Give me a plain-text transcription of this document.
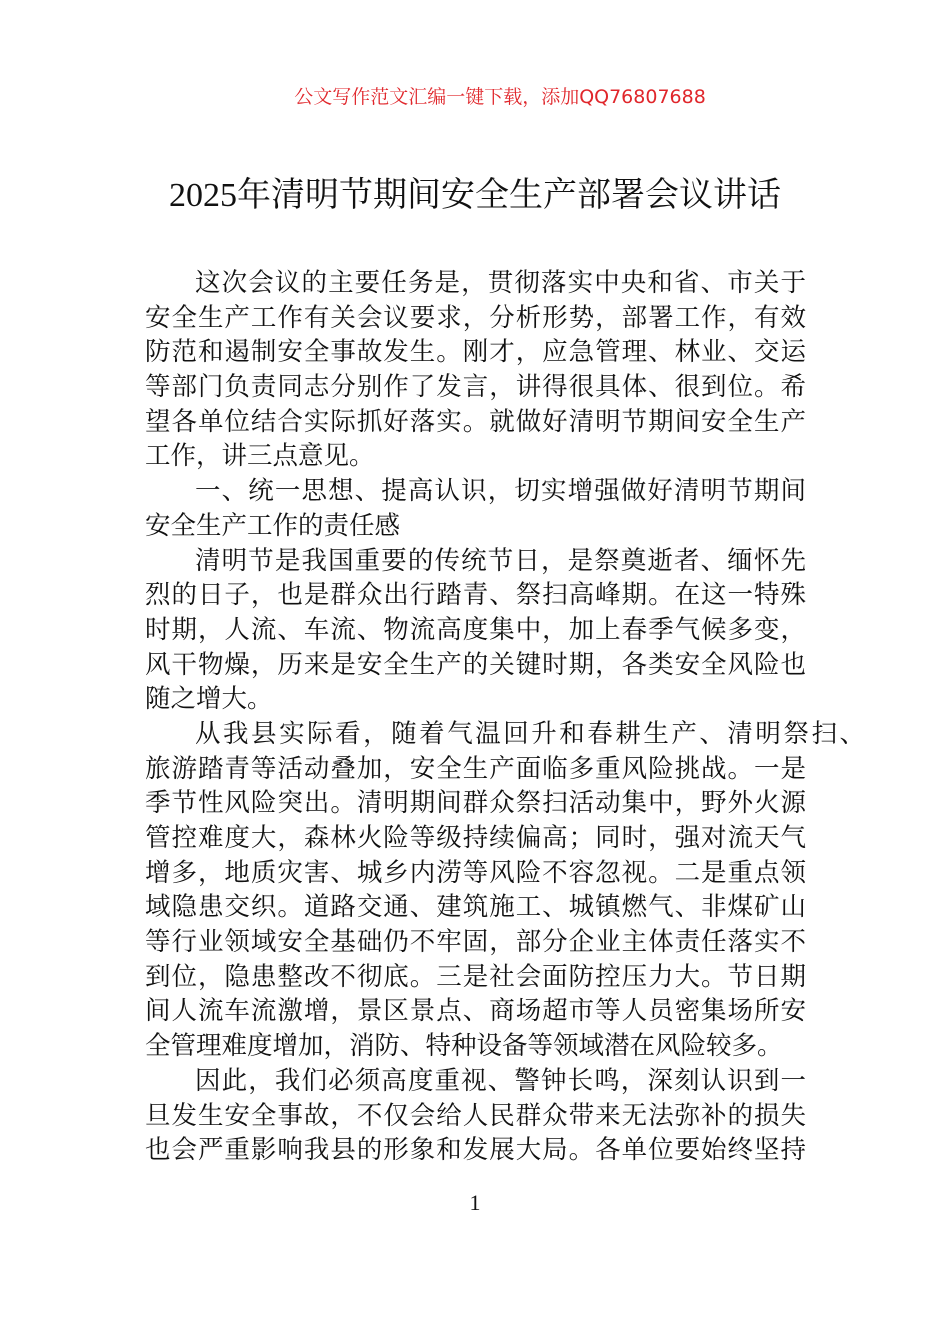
公文写作范文汇编一键下载，添加QQ76807688
2025年清明节期间安全生产部署会议讲话
这次会议的主要任务是，贯彻落实中央和省、市关于
安全生产工作有关会议要求，分析形势，部署工作，有效
防范和遏制安全事故发生。刚才，应急管理、林业、交运
等部门负责同志分别作了发言，讲得很具体、很到位。希
望各单位结合实际抓好落实。就做好清明节期间安全生产
工作，讲三点意见。
一、统一思想、提高认识，切实增强做好清明节期间
安全生产工作的责任感
清明节是我国重要的传统节日，是祭奠逝者、缅怀先
烈的日子，也是群众出行踏青、祭扫高峰期。在这一特殊
时期，人流、车流、物流高度集中，加上春季气候多变，
风干物燥，历来是安全生产的关键时期，各类安全风险也
随之增大。
从我县实际看，随着气温回升和春耕生产、清明祭扫、
旅游踏青等活动叠加，安全生产面临多重风险挑战。一是
季节性风险突出。清明期间群众祭扫活动集中，野外火源
管控难度大，森林火险等级持续偏高；同时，强对流天气
增多，地质灾害、城乡内涝等风险不容忽视。二是重点领
域隐患交织。道路交通、建筑施工、城镇燃气、非煤矿山
等行业领域安全基础仍不牢固，部分企业主体责任落实不
到位，隐患整改不彻底。三是社会面防控压力大。节日期
间人流车流激增，景区景点、商场超市等人员密集场所安
全管理难度增加，消防、特种设备等领域潜在风险较多。
因此，我们必须高度重视、警钟长鸣，深刻认识到一
旦发生安全事故，不仅会给人民群众带来无法弥补的损失
也会严重影响我县的形象和发展大局。各单位要始终坚持
1
